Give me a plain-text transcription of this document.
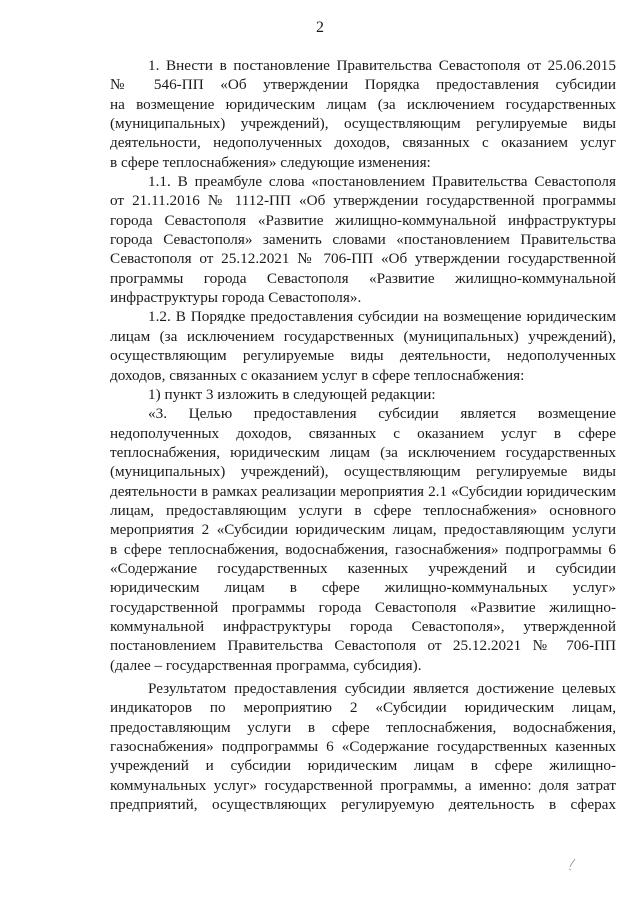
2
1. Внести в постановление Правительства Севастополя от 25.06.2015
№ 546-ПП «Об утверждении Порядка предоставления субсидии
на возмещение юридическим лицам (за исключением государственных
(муниципальных) учреждений), осуществляющим регулируемые виды
деятельности, недополученных доходов, связанных с оказанием услуг
в сфере теплоснабжения» следующие изменения:
1.1. В преамбуле слова «постановлением Правительства Севастополя
от 21.11.2016 № 1112-ПП «Об утверждении государственной программы
города Севастополя «Развитие жилищно-коммунальной инфраструктуры
города Севастополя» заменить словами «постановлением Правительства
Севастополя от 25.12.2021 № 706-ПП «Об утверждении государственной
программы города Севастополя «Развитие жилищно-коммунальной
инфраструктуры города Севастополя».
1.2. В Порядке предоставления субсидии на возмещение юридическим
лицам (за исключением государственных (муниципальных) учреждений),
осуществляющим регулируемые виды деятельности, недополученных
доходов, связанных с оказанием услуг в сфере теплоснабжения:
1) пункт 3 изложить в следующей редакции:
«3. Целью предоставления субсидии является возмещение
недополученных доходов, связанных с оказанием услуг в сфере
теплоснабжения, юридическим лицам (за исключением государственных
(муниципальных) учреждений), осуществляющим регулируемые виды
деятельности в рамках реализации мероприятия 2.1 «Субсидии юридическим
лицам, предоставляющим услуги в сфере теплоснабжения» основного
мероприятия 2 «Субсидии юридическим лицам, предоставляющим услуги
в сфере теплоснабжения, водоснабжения, газоснабжения» подпрограммы 6
«Содержание государственных казенных учреждений и субсидии
юридическим лицам в сфере жилищно-коммунальных услуг»
государственной программы города Севастополя «Развитие жилищно-
коммунальной инфраструктуры города Севастополя», утвержденной
постановлением Правительства Севастополя от 25.12.2021 № 706-ПП
(далее – государственная программа, субсидия).
Результатом предоставления субсидии является достижение целевых
индикаторов по мероприятию 2 «Субсидии юридическим лицам,
предоставляющим услуги в сфере теплоснабжения, водоснабжения,
газоснабжения» подпрограммы 6 «Содержание государственных казенных
учреждений и субсидии юридическим лицам в сфере жилищно-
коммунальных услуг» государственной программы, а именно: доля затрат
предприятий, осуществляющих регулируемую деятельность в сферах
